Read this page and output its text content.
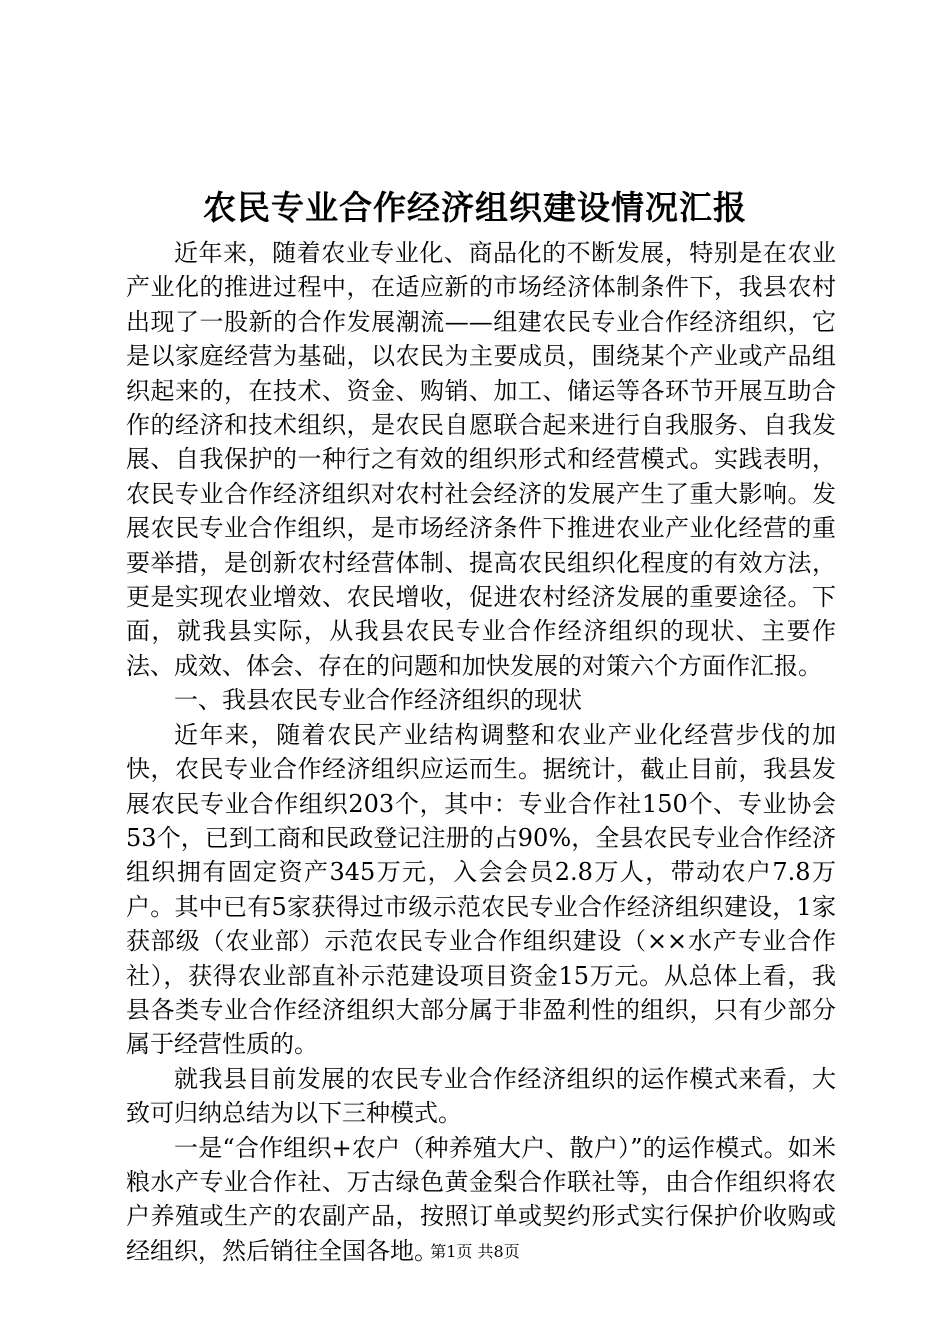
农民专业合作经济组织建设情况汇报

近年来，随着农业专业化、商品化的不断发展，特别是在农业产业化的推进过程中，在适应新的市场经济体制条件下，我县农村出现了一股新的合作发展潮流——组建农民专业合作经济组织，它是以家庭经营为基础，以农民为主要成员，围绕某个产业或产品组织起来的，在技术、资金、购销、加工、储运等各环节开展互助合作的经济和技术组织，是农民自愿联合起来进行自我服务、自我发展、自我保护的一种行之有效的组织形式和经营模式。实践表明，农民专业合作经济组织对农村社会经济的发展产生了重大影响。发展农民专业合作组织，是市场经济条件下推进农业产业化经营的重要举措，是创新农村经营体制、提高农民组织化程度的有效方法，更是实现农业增效、农民增收，促进农村经济发展的重要途径。下面，就我县实际，从我县农民专业合作经济组织的现状、主要作法、成效、体会、存在的问题和加快发展的对策六个方面作汇报。

一、我县农民专业合作经济组织的现状

近年来，随着农民产业结构调整和农业产业化经营步伐的加快，农民专业合作经济组织应运而生。据统计，截止目前，我县发展农民专业合作组织203个，其中：专业合作社150个、专业协会53个，已到工商和民政登记注册的占90%，全县农民专业合作经济组织拥有固定资产345万元，入会会员2.8万人，带动农户7.8万户。其中已有5家获得过市级示范农民专业合作经济组织建设，1家获部级（农业部）示范农民专业合作组织建设（××水产专业合作社），获得农业部直补示范建设项目资金15万元。从总体上看，我县各类专业合作经济组织大部分属于非盈利性的组织，只有少部分属于经营性质的。

就我县目前发展的农民专业合作经济组织的运作模式来看，大致可归纳总结为以下三种模式。

一是“合作组织+农户（种养殖大户、散户）”的运作模式。如米粮水产专业合作社、万古绿色黄金梨合作联社等，由合作组织将农户养殖或生产的农副产品，按照订单或契约形式实行保护价收购或经组织，然后销往全国各地。

第1页 共8页
